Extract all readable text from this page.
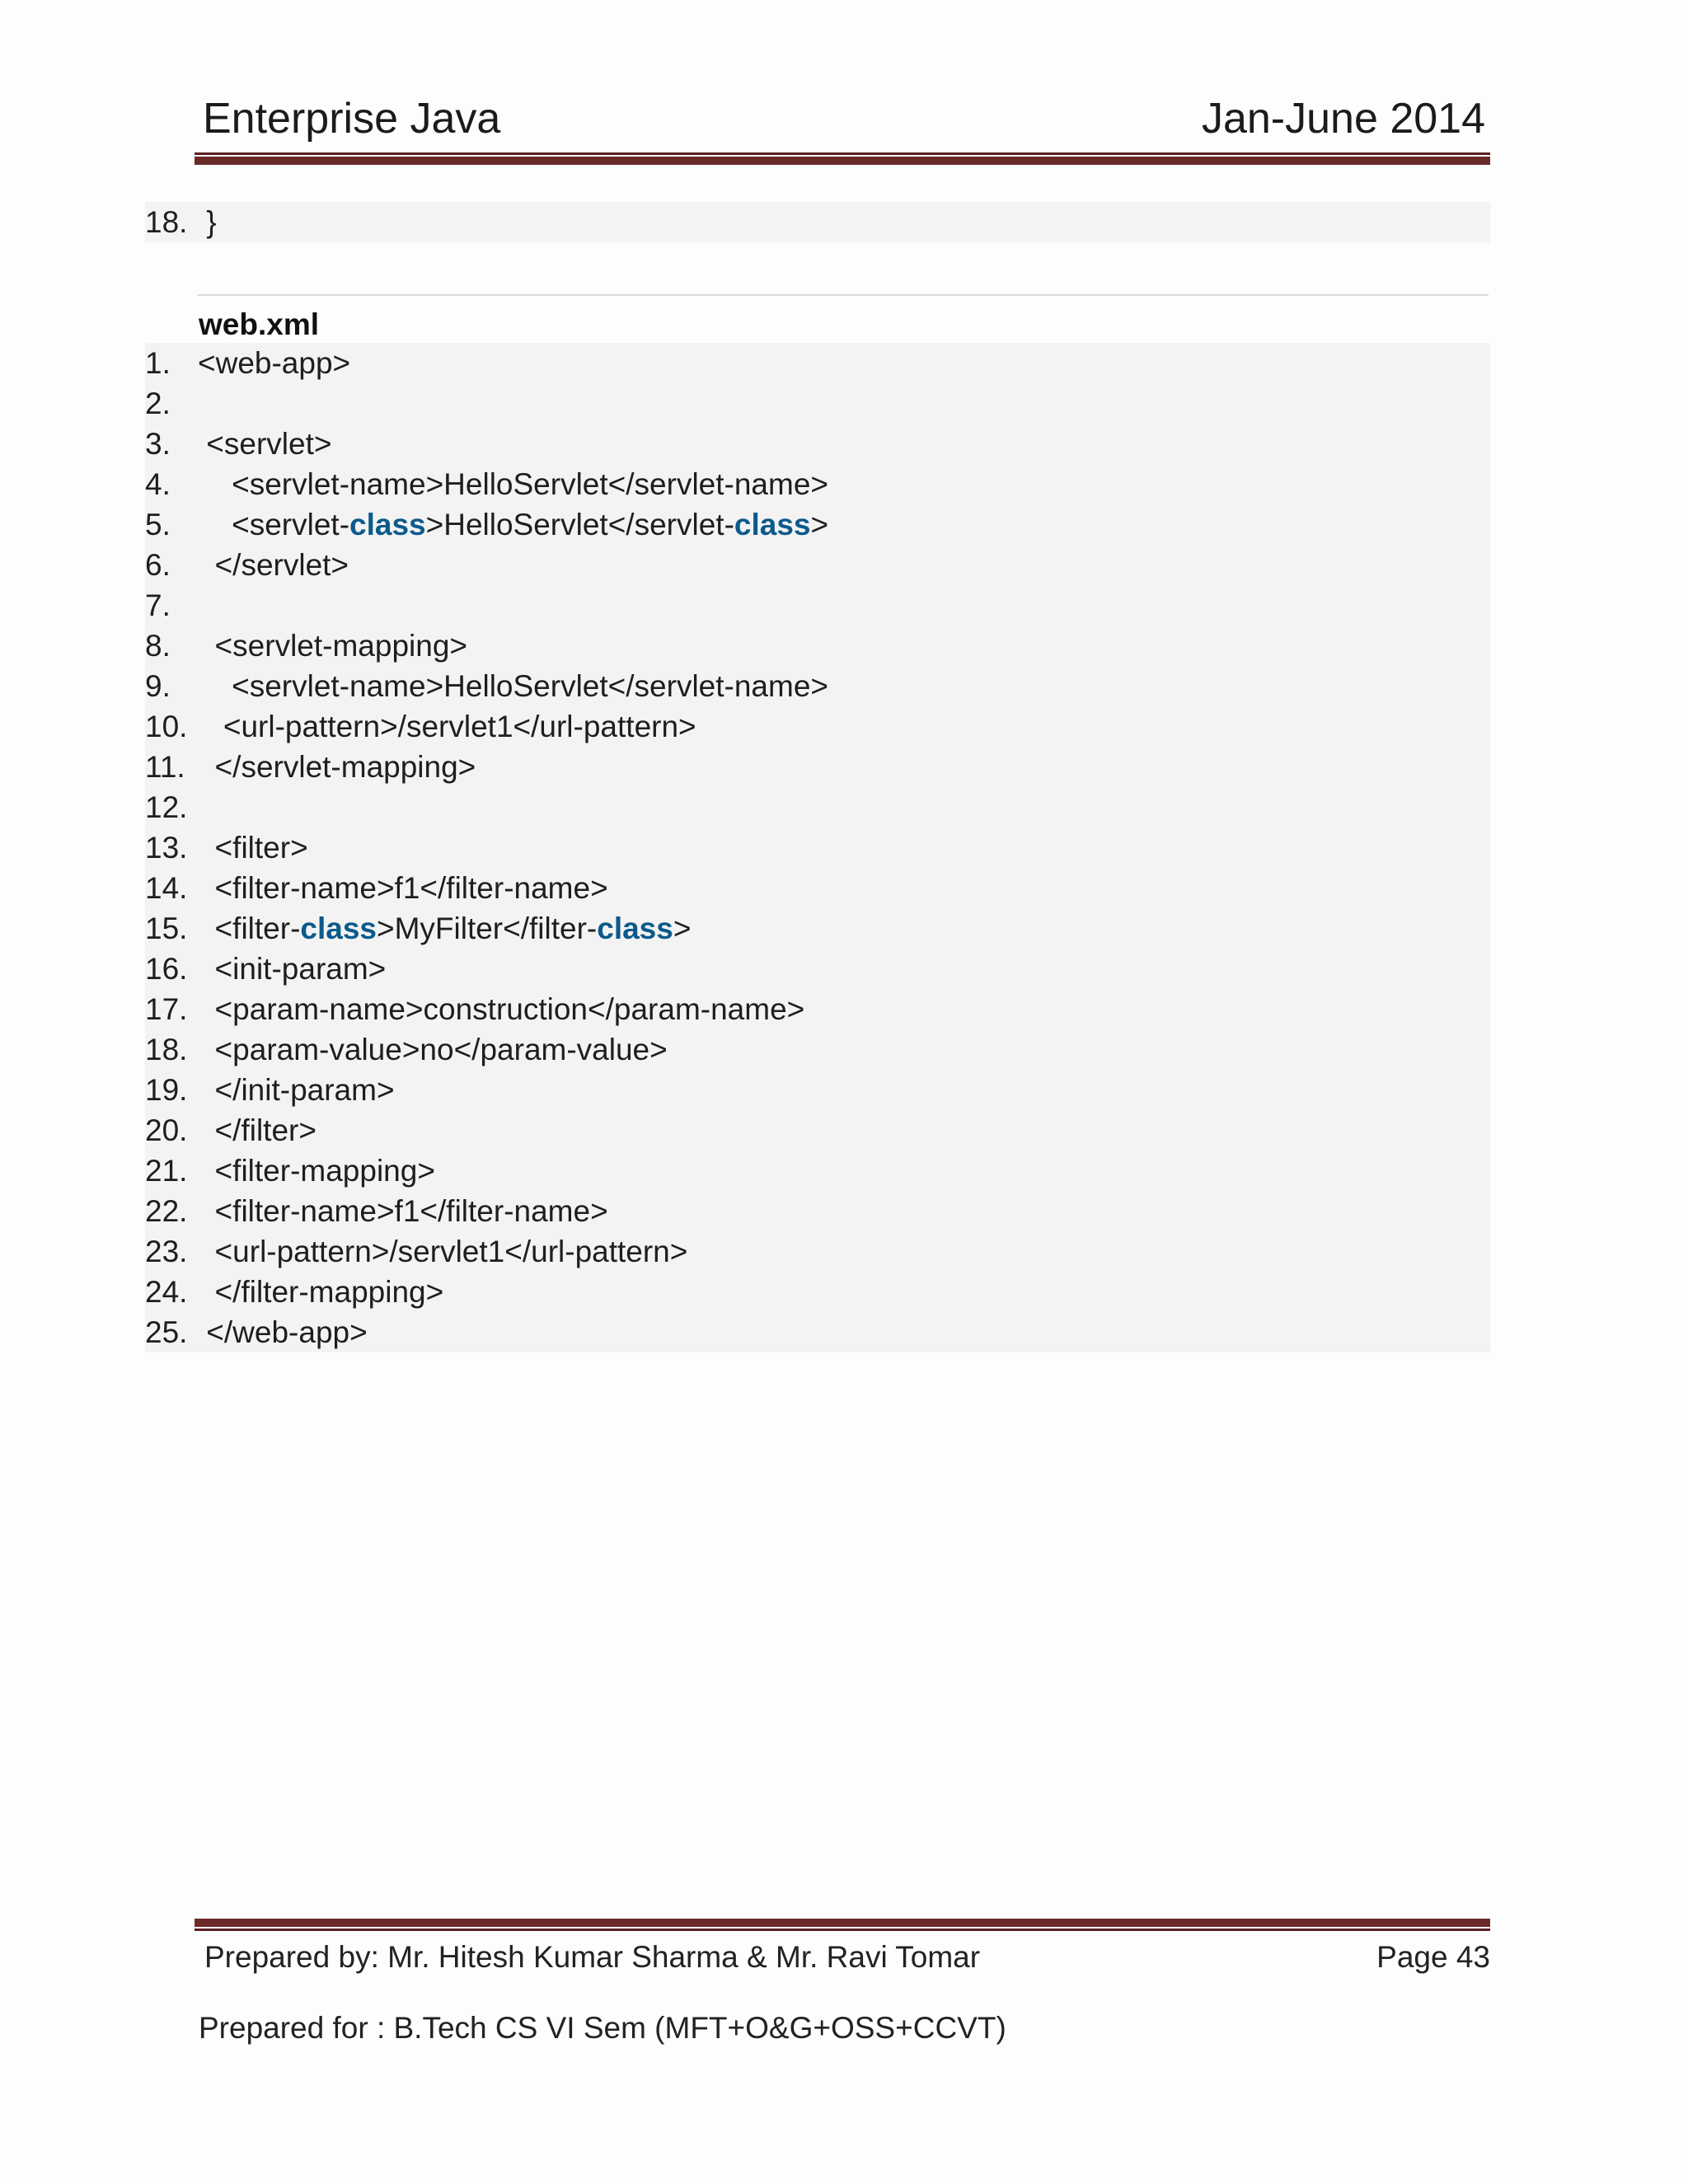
Enterprise Java	Jan-June 2014
18. }
web.xml
1. <web-app>
2.
3. <servlet>
4.    <servlet-name>HelloServlet</servlet-name>
5.    <servlet-class>HelloServlet</servlet-class>
6.  </servlet>
7.
8.  <servlet-mapping>
9.    <servlet-name>HelloServlet</servlet-name>
10.   <url-pattern>/servlet1</url-pattern>
11.  </servlet-mapping>
12.
13.  <filter>
14.  <filter-name>f1</filter-name>
15.  <filter-class>MyFilter</filter-class>
16.  <init-param>
17.  <param-name>construction</param-name>
18.  <param-value>no</param-value>
19.  </init-param>
20.  </filter>
21.  <filter-mapping>
22.  <filter-name>f1</filter-name>
23.  <url-pattern>/servlet1</url-pattern>
24.  </filter-mapping>
25. </web-app>
Prepared by: Mr. Hitesh Kumar Sharma & Mr. Ravi Tomar	Page 43
Prepared for : B.Tech CS VI Sem (MFT+O&G+OSS+CCVT)
